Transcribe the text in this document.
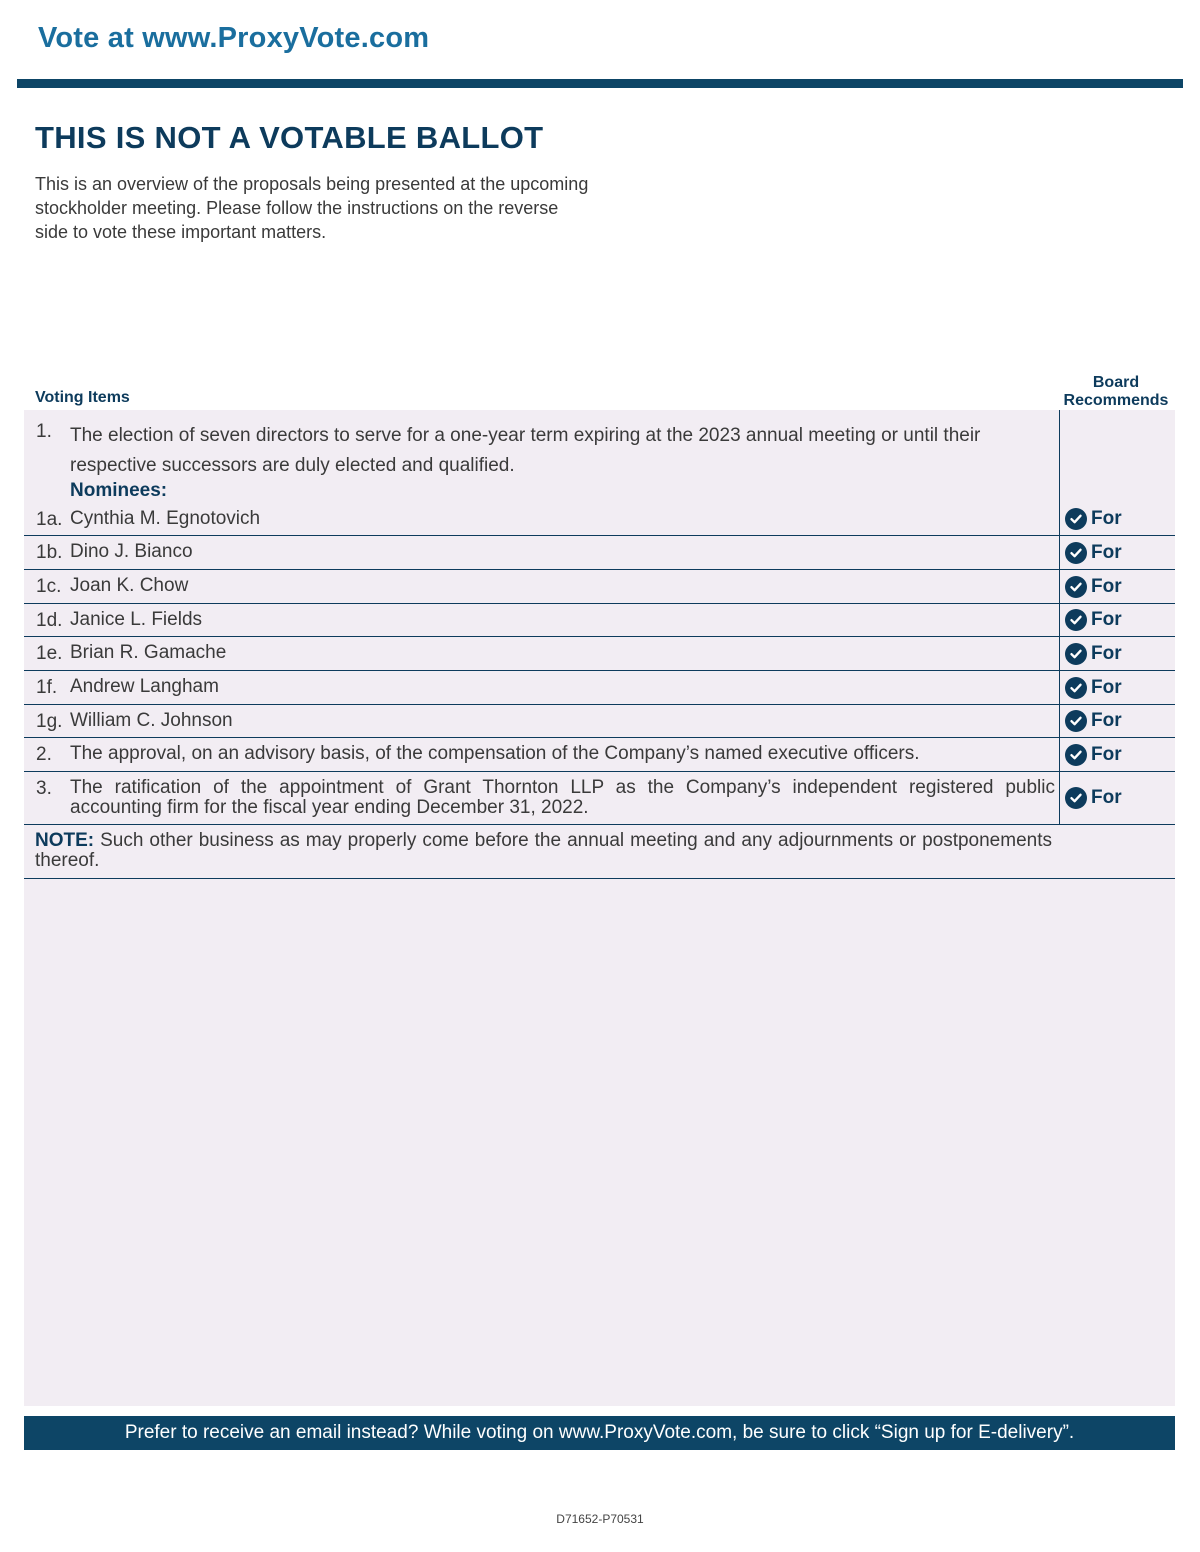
Vote at www.ProxyVote.com
THIS IS NOT A VOTABLE BALLOT
This is an overview of the proposals being presented at the upcoming stockholder meeting. Please follow the instructions on the reverse side to vote these important matters.
Voting Items
Board
Recommends
1. The election of seven directors to serve for a one-year term expiring at the 2023 annual meeting or until their respective successors are duly elected and qualified.
Nominees:
1a. Cynthia M. Egnotovich	For
1b. Dino J. Bianco	For
1c. Joan K. Chow	For
1d. Janice L. Fields	For
1e. Brian R. Gamache	For
1f. Andrew Langham	For
1g. William C. Johnson	For
2. The approval, on an advisory basis, of the compensation of the Company’s named executive officers.	For
3. The ratification of the appointment of Grant Thornton LLP as the Company’s independent registered public accounting firm for the fiscal year ending December 31, 2022.	For
NOTE: Such other business as may properly come before the annual meeting and any adjournments or postponements thereof.
Prefer to receive an email instead? While voting on www.ProxyVote.com, be sure to click “Sign up for E-delivery”.
D71652-P70531
